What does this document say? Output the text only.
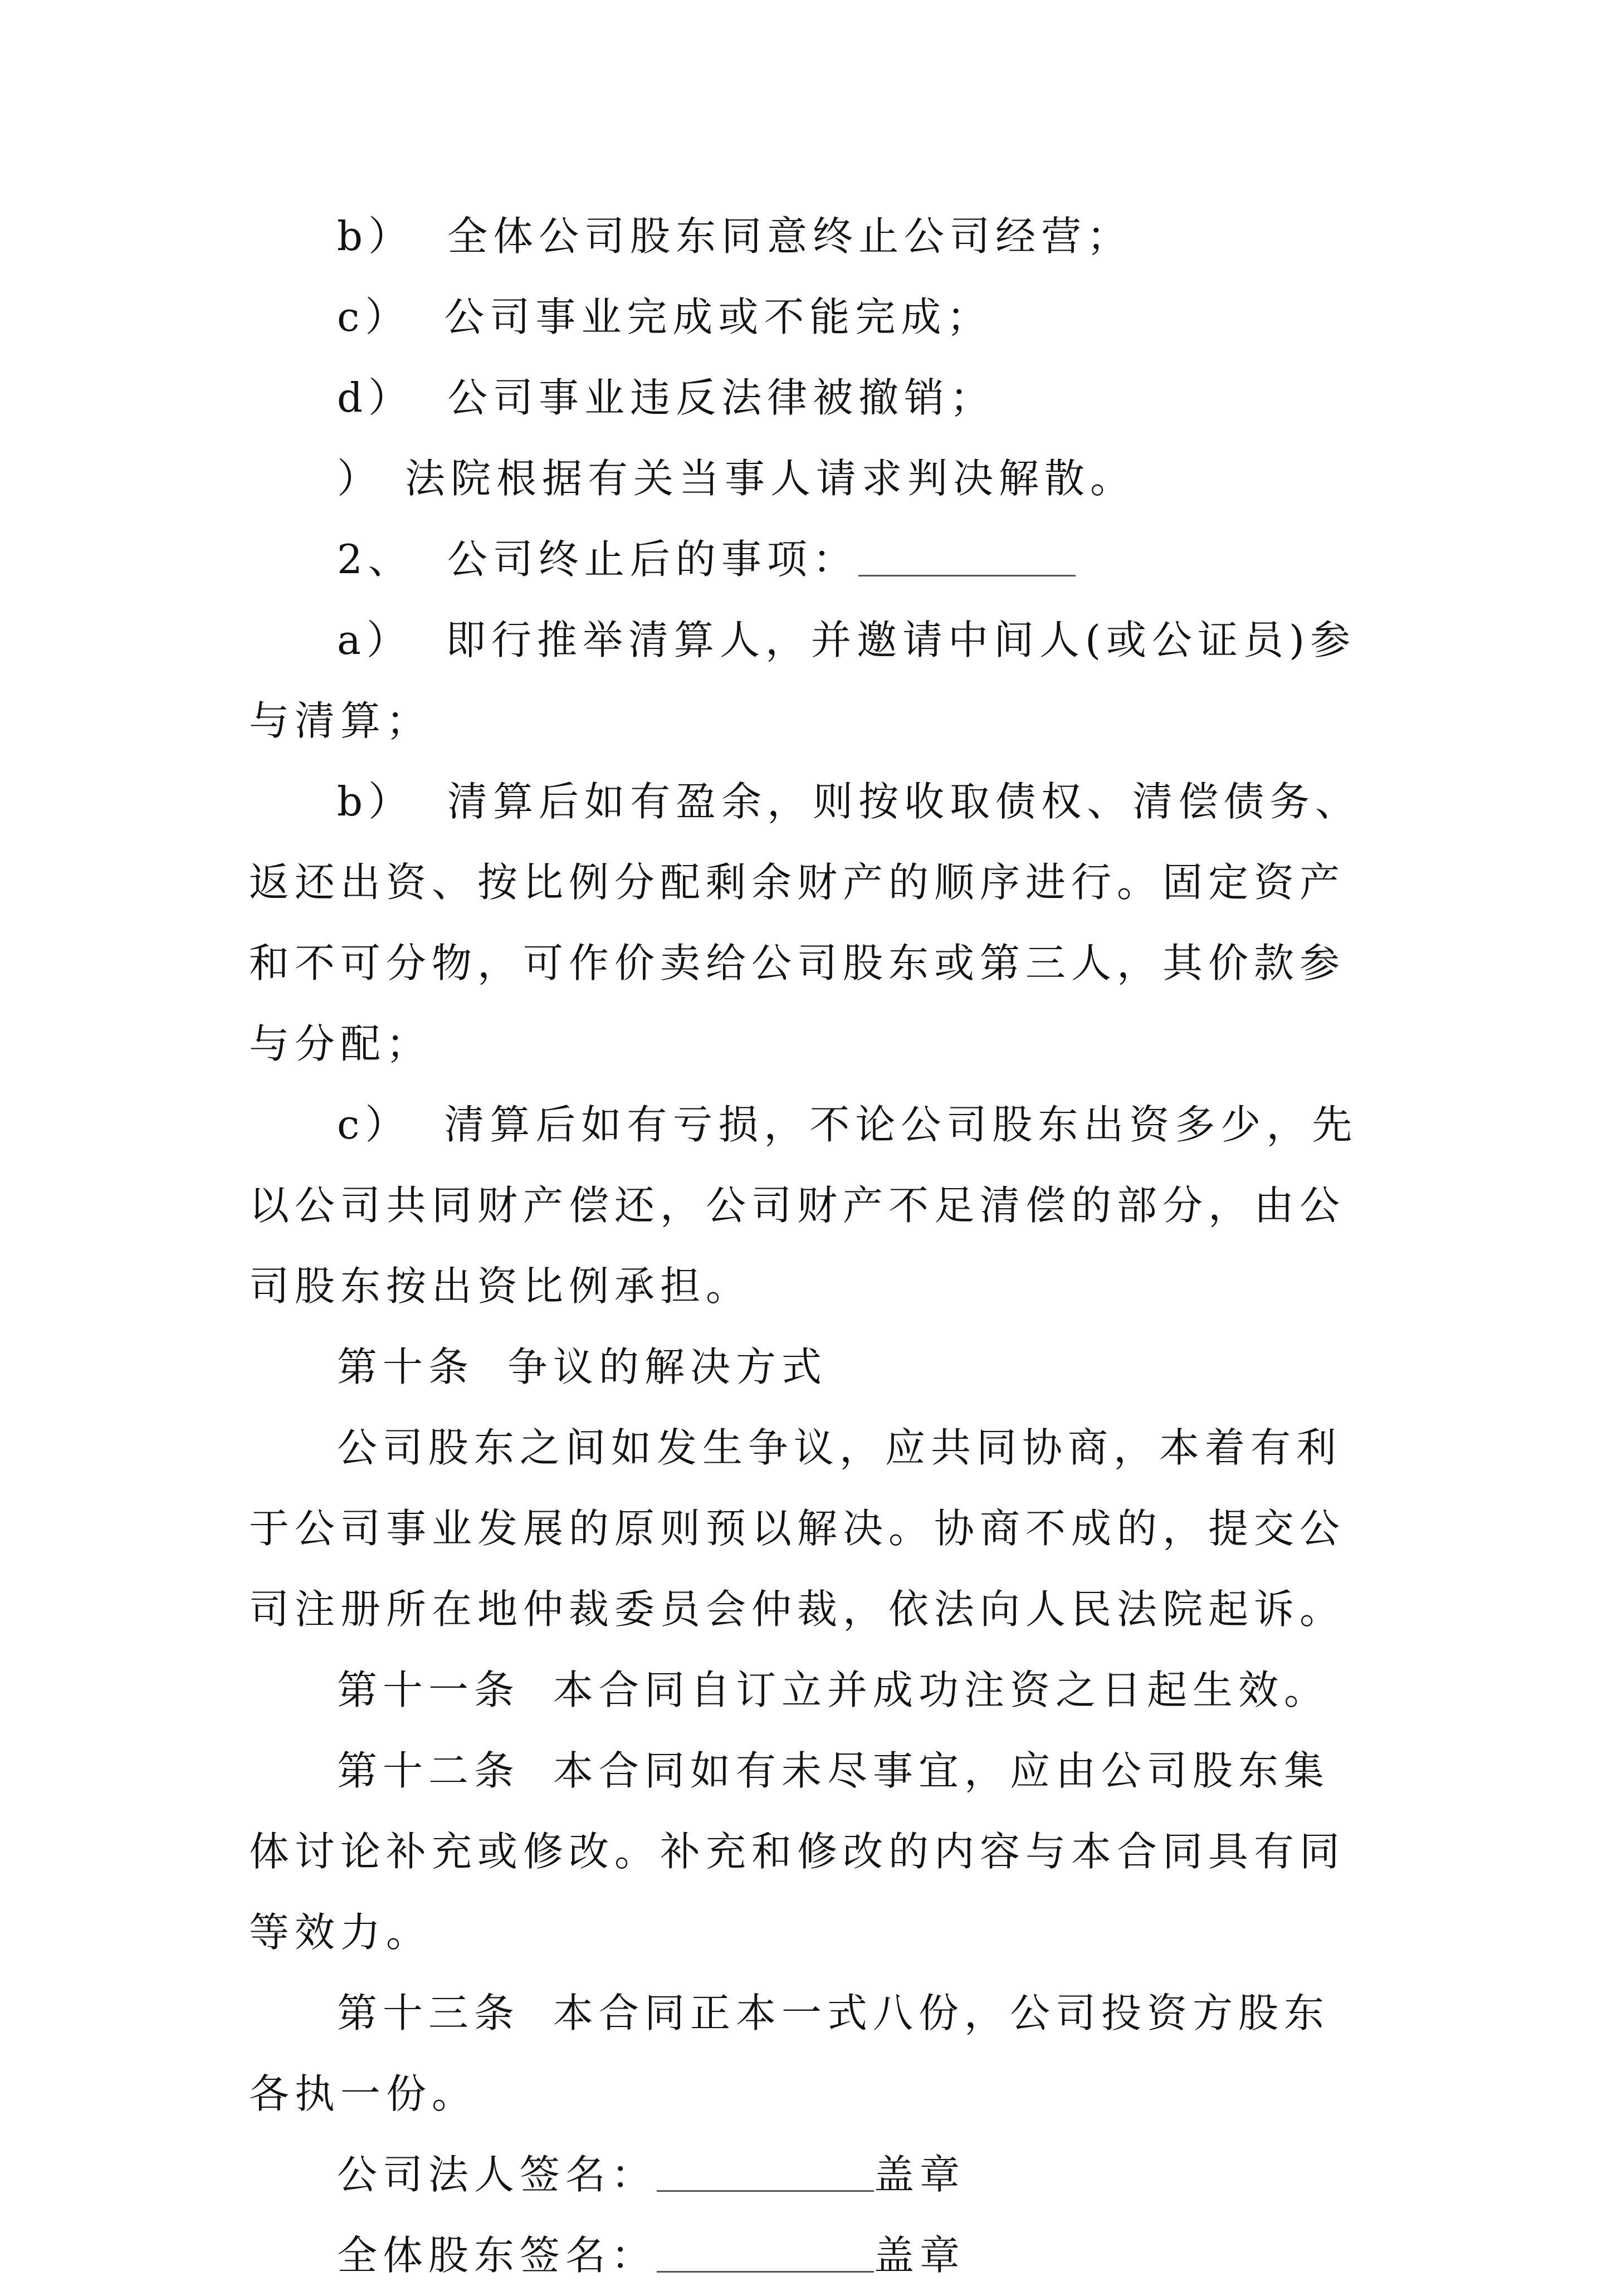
b） 全体公司股东同意终止公司经营；

c） 公司事业完成或不能完成；

d） 公司事业违反法律被撤销；

） 法院根据有关当事人请求判决解散。

2、 公司终止后的事项：

a） 即行推举清算人，并邀请中间人(或公证员)参与清算；

b） 清算后如有盈余，则按收取债权、清偿债务、返还出资、按比例分配剩余财产的顺序进行。固定资产和不可分物，可作价卖给公司股东或第三人，其价款参与分配；

c） 清算后如有亏损，不论公司股东出资多少，先以公司共同财产偿还，公司财产不足清偿的部分，由公司股东按出资比例承担。

第十条 争议的解决方式

公司股东之间如发生争议，应共同协商，本着有利于公司事业发展的原则预以解决。协商不成的，提交公司注册所在地仲裁委员会仲裁，依法向人民法院起诉。

第十一条 本合同自订立并成功注资之日起生效。

第十二条 本合同如有未尽事宜，应由公司股东集体讨论补充或修改。补充和修改的内容与本合同具有同等效力。

第十三条 本合同正本一式八份，公司投资方股东各执一份。

公司法人签名：	盖章

全体股东签名：	盖章
